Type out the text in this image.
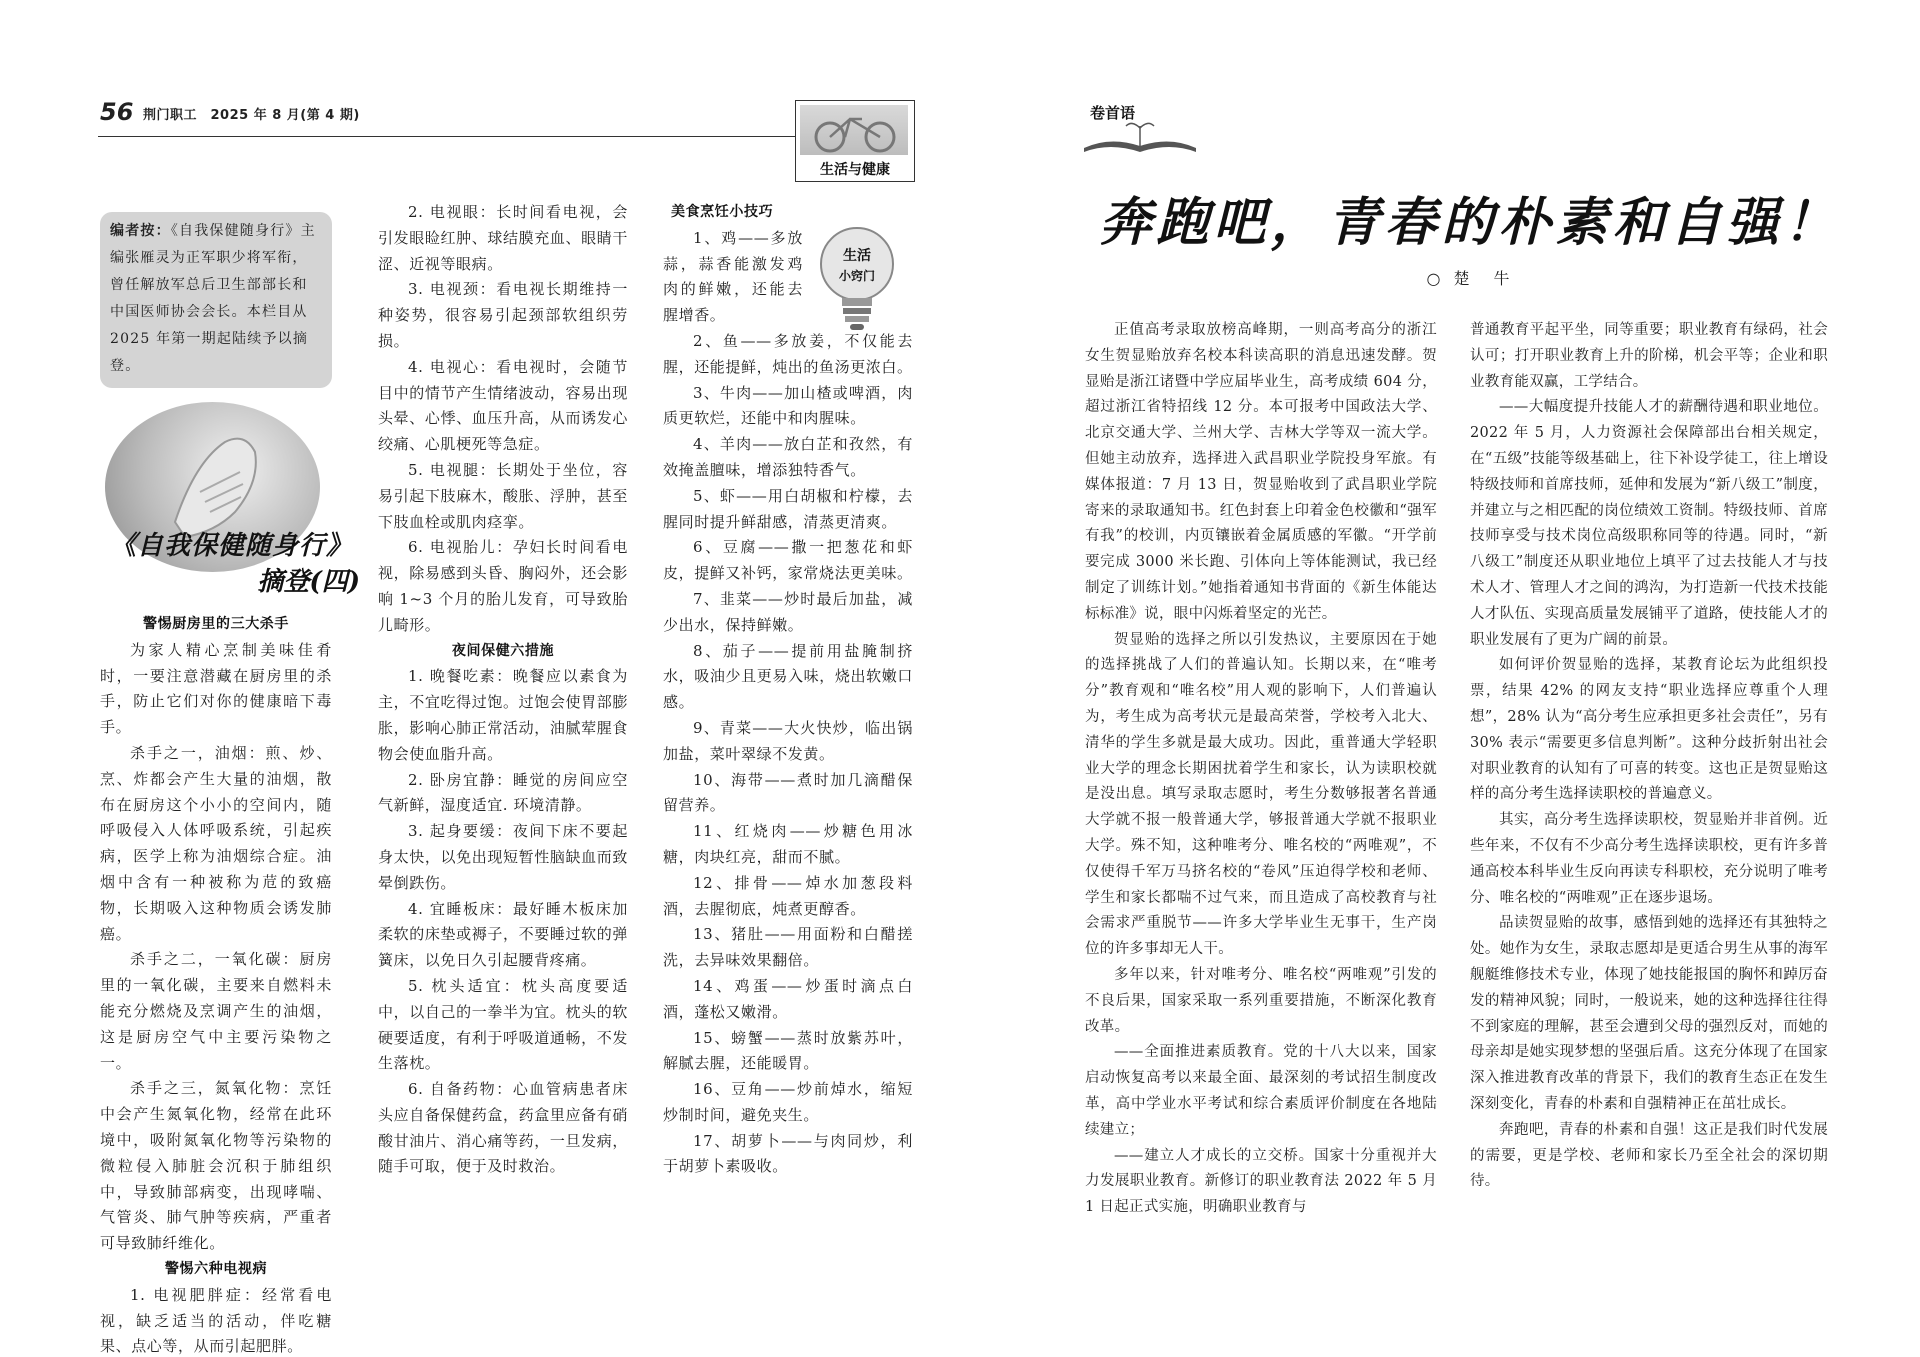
56 荆门职工　2025 年 8 月(第 4 期)
生活与健康
编者按：《自我保健随身行》主编张雁灵为正军职少将军衔，曾任解放军总后卫生部部长和中国医师协会会长。本栏目从 2025 年第一期起陆续予以摘登。
《自我保健随身行》
摘登(四)

警惕厨房里的三大杀手

为家人精心烹制美味佳肴时，一要注意潜藏在厨房里的杀手，防止它们对你的健康暗下毒手。

杀手之一，油烟：煎、炒、烹、炸都会产生大量的油烟，散布在厨房这个小小的空间内，随呼吸侵入人体呼吸系统，引起疾病，医学上称为油烟综合症。油烟中含有一种被称为苊的致癌物，长期吸入这种物质会诱发肺癌。

杀手之二，一氧化碳：厨房里的一氧化碳，主要来自燃料未能充分燃烧及烹调产生的油烟，这是厨房空气中主要污染物之一。

杀手之三，氮氧化物：烹饪中会产生氮氧化物，经常在此环境中，吸附氮氧化物等污染物的微粒侵入肺脏会沉积于肺组织中，导致肺部病变，出现哮喘、气管炎、肺气肿等疾病，严重者可导致肺纤维化。

警惕六种电视病

1. 电视肥胖症：经常看电视，缺乏适当的活动，伴吃糖果、点心等，从而引起肥胖。

2. 电视眼：长时间看电视，会引发眼睑红肿、球结膜充血、眼睛干涩、近视等眼病。

3. 电视颈：看电视长期维持一种姿势，很容易引起颈部软组织劳损。

4. 电视心：看电视时，会随节目中的情节产生情绪波动，容易出现头晕、心悸、血压升高，从而诱发心绞痛、心肌梗死等急症。

5. 电视腿：长期处于坐位，容易引起下肢麻木，酸胀、浮肿，甚至下肢血栓或肌肉痉挛。

6. 电视胎儿：孕妇长时间看电视，除易感到头昏、胸闷外，还会影响 1~3 个月的胎儿发育，可导致胎儿畸形。

夜间保健六措施

1. 晚餐吃素：晚餐应以素食为主，不宜吃得过饱。过饱会使胃部膨胀，影响心肺正常活动，油腻荤腥食物会使血脂升高。

2. 卧房宜静：睡觉的房间应空气新鲜，湿度适宜. 环境清静。

3. 起身要缓：夜间下床不要起身太快，以免出现短暂性脑缺血而致晕倒跌伤。

4. 宜睡板床：最好睡木板床加柔软的床垫或褥子，不要睡过软的弹簧床，以免日久引起腰背疼痛。

5. 枕头适宜：枕头高度要适中，以自己的一拳半为宜。枕头的软硬要适度，有利于呼吸道通畅，不发生落枕。

6. 自备药物：心血管病患者床头应自备保健药盒，药盒里应备有硝酸甘油片、消心痛等药，一旦发病，随手可取，便于及时救治。

美食烹饪小技巧

1、鸡——多放蒜，蒜香能激发鸡肉的鲜嫩，还能去腥增香。

2、鱼——多放姜，不仅能去腥，还能提鲜，炖出的鱼汤更浓白。

3、牛肉——加山楂或啤酒，肉质更软烂，还能中和肉腥味。

4、羊肉——放白芷和孜然，有效掩盖膻味，增添独特香气。

5、虾——用白胡椒和柠檬，去腥同时提升鲜甜感，清蒸更清爽。

6、豆腐——撒一把葱花和虾皮，提鲜又补钙，家常烧法更美味。

7、韭菜——炒时最后加盐，减少出水，保持鲜嫩。

8、茄子——提前用盐腌制挤水，吸油少且更易入味，烧出软嫩口感。

9、青菜——大火快炒，临出锅加盐，菜叶翠绿不发黄。

10、海带——煮时加几滴醋保留营养。

11、红烧肉——炒糖色用冰糖，肉块红亮，甜而不腻。

12、排骨——焯水加葱段料酒，去腥彻底，炖煮更醇香。

13、猪肚——用面粉和白醋搓洗，去异味效果翻倍。

14、鸡蛋——炒蛋时滴点白酒，蓬松又嫩滑。

15、螃蟹——蒸时放紫苏叶，解腻去腥，还能暖胃。

16、豆角——炒前焯水，缩短炒制时间，避免夹生。

17、胡萝卜——与肉同炒，利于胡萝卜素吸收。

生活
小窍门
卷首语
奔跑吧，青春的朴素和自强！
○ 楚　牛

正值高考录取放榜高峰期，一则高考高分的浙江女生贺显贻放弃名校本科读高职的消息迅速发酵。贺显贻是浙江诸暨中学应届毕业生，高考成绩 604 分，超过浙江省特招线 12 分。本可报考中国政法大学、北京交通大学、兰州大学、吉林大学等双一流大学。但她主动放弃，选择进入武昌职业学院投身军旅。有媒体报道：7 月 13 日，贺显贻收到了武昌职业学院寄来的录取通知书。红色封套上印着金色校徽和“强军有我”的校训，内页镶嵌着金属质感的军徽。“开学前要完成 3000 米长跑、引体向上等体能测试，我已经制定了训练计划。”她指着通知书背面的《新生体能达标标准》说，眼中闪烁着坚定的光芒。

贺显贻的选择之所以引发热议，主要原因在于她的选择挑战了人们的普遍认知。长期以来，在“唯考分”教育观和“唯名校”用人观的影响下，人们普遍认为，考生成为高考状元是最高荣誉，学校考入北大、清华的学生多就是最大成功。因此，重普通大学轻职业大学的理念长期困扰着学生和家长，认为读职校就是没出息。填写录取志愿时，考生分数够报著名普通大学就不报一般普通大学，够报普通大学就不报职业大学。殊不知，这种唯考分、唯名校的“两唯观”，不仅使得千军万马挤名校的“卷风”压迫得学校和老师、学生和家长都喘不过气来，而且造成了高校教育与社会需求严重脱节——许多大学毕业生无事干，生产岗位的许多事却无人干。

多年以来，针对唯考分、唯名校“两唯观”引发的不良后果，国家采取一系列重要措施，不断深化教育改革。

——全面推进素质教育。党的十八大以来，国家启动恢复高考以来最全面、最深刻的考试招生制度改革，高中学业水平考试和综合素质评价制度在各地陆续建立；

——建立人才成长的立交桥。国家十分重视并大力发展职业教育。新修订的职业教育法 2022 年 5 月 1 日起正式实施，明确职业教育与

普通教育平起平坐，同等重要；职业教育有绿码，社会认可；打开职业教育上升的阶梯，机会平等；企业和职业教育能双赢，工学结合。

——大幅度提升技能人才的薪酬待遇和职业地位。2022 年 5 月，人力资源社会保障部出台相关规定，在“五级”技能等级基础上，往下补设学徒工，往上增设特级技师和首席技师，延伸和发展为“新八级工”制度，并建立与之相匹配的岗位绩效工资制。特级技师、首席技师享受与技术岗位高级职称同等的待遇。同时，“新八级工”制度还从职业地位上填平了过去技能人才与技术人才、管理人才之间的鸿沟，为打造新一代技术技能人才队伍、实现高质量发展铺平了道路，使技能人才的职业发展有了更为广阔的前景。

如何评价贺显贻的选择，某教育论坛为此组织投票，结果 42% 的网友支持“职业选择应尊重个人理想”，28% 认为“高分考生应承担更多社会责任”，另有 30% 表示“需要更多信息判断”。这种分歧折射出社会对职业教育的认知有了可喜的转变。这也正是贺显贻这样的高分考生选择读职校的普遍意义。

其实，高分考生选择读职校，贺显贻并非首例。近些年来，不仅有不少高分考生选择读职校，更有许多普通高校本科毕业生反向再读专科职校，充分说明了唯考分、唯名校的“两唯观”正在逐步退场。

品读贺显贻的故事，感悟到她的选择还有其独特之处。她作为女生，录取志愿却是更适合男生从事的海军舰艇维修技术专业，体现了她技能报国的胸怀和踔厉奋发的精神风貌；同时，一般说来，她的这种选择往往得不到家庭的理解，甚至会遭到父母的强烈反对，而她的母亲却是她实现梦想的坚强后盾。这充分体现了在国家深入推进教育改革的背景下，我们的教育生态正在发生深刻变化，青春的朴素和自强精神正在茁壮成长。

奔跑吧，青春的朴素和自强！这正是我们时代发展的需要，更是学校、老师和家长乃至全社会的深切期待。
